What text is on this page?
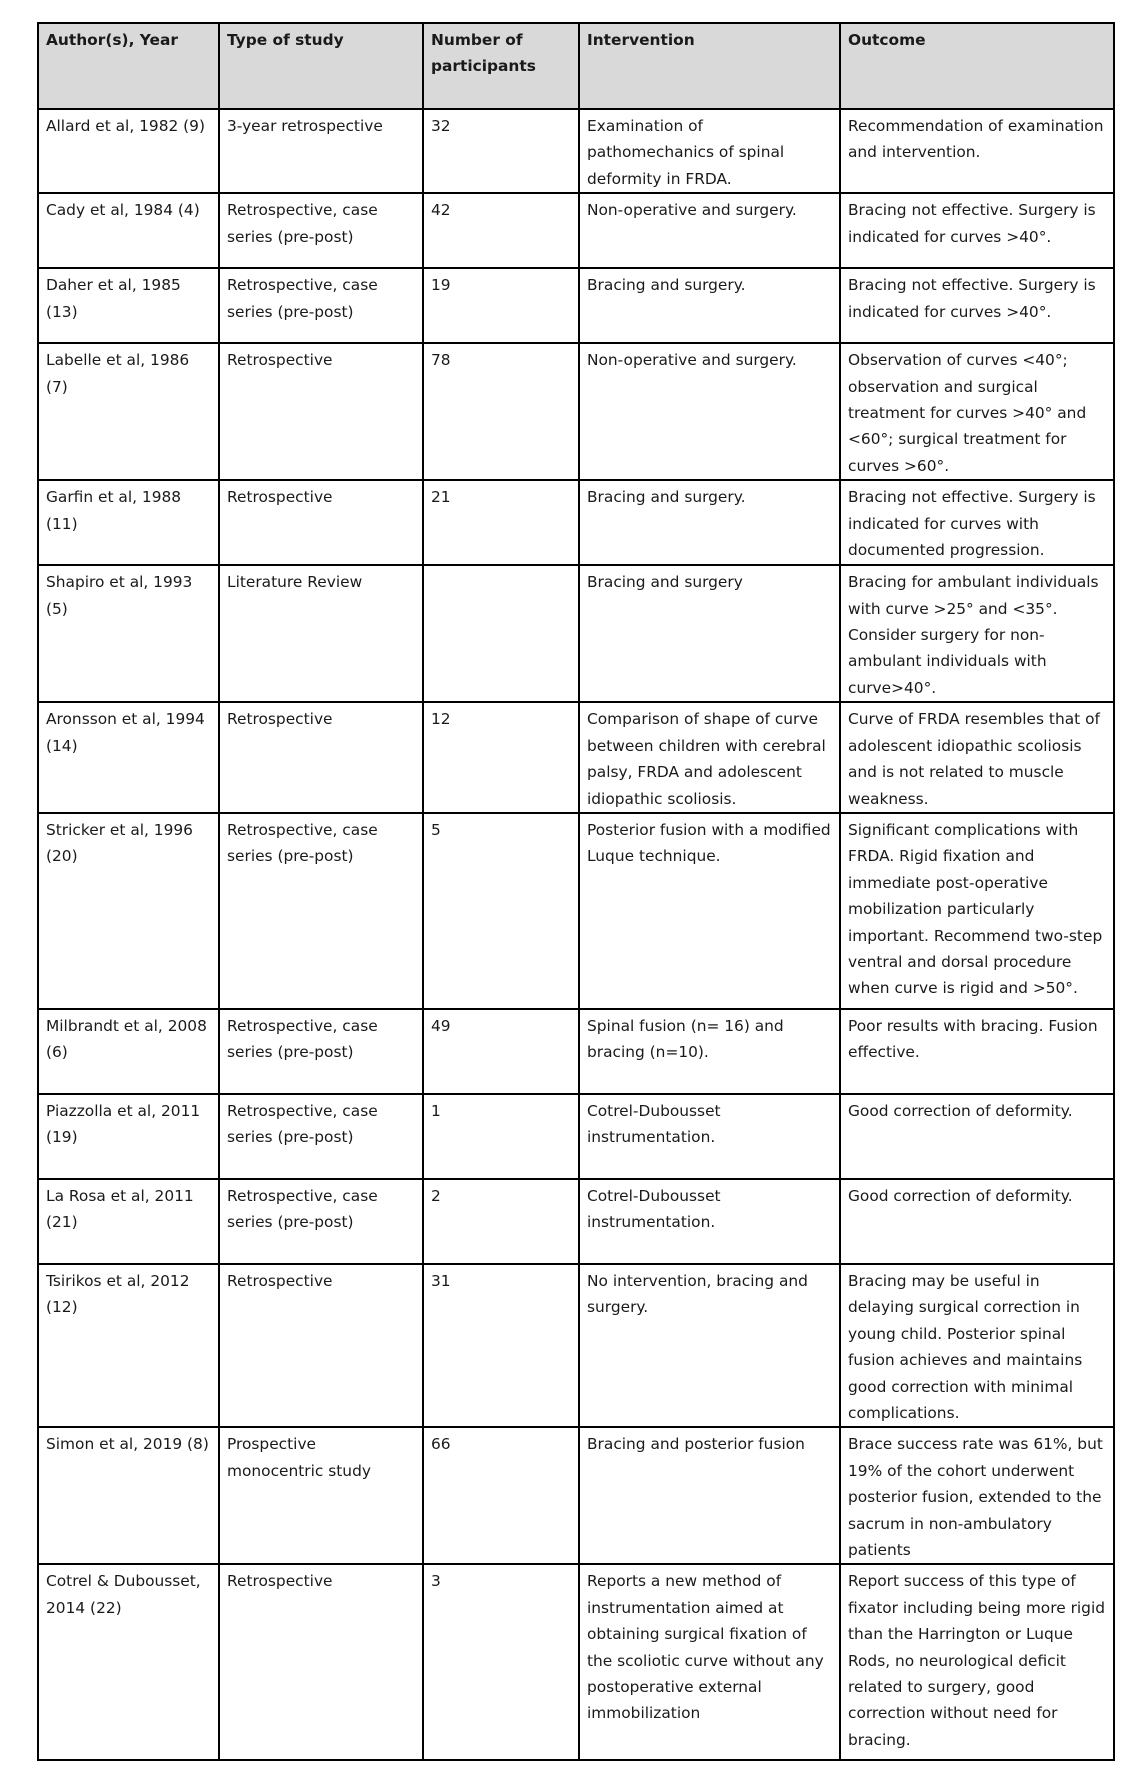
Author(s), Year	Type of study	Number of participants	Intervention	Outcome
Allard et al, 1982 (9)	3-year retrospective	32	Examination of pathomechanics of spinal deformity in FRDA.	Recommendation of examination and intervention.
Cady et al, 1984 (4)	Retrospective, case series (pre-post)	42	Non-operative and surgery.	Bracing not effective. Surgery is indicated for curves >40°.
Daher et al, 1985 (13)	Retrospective, case series (pre-post)	19	Bracing and surgery.	Bracing not effective. Surgery is indicated for curves >40°.
Labelle et al, 1986 (7)	Retrospective	78	Non-operative and surgery.	Observation of curves <40°; observation and surgical treatment for curves >40° and <60°; surgical treatment for curves >60°.
Garfin et al, 1988 (11)	Retrospective	21	Bracing and surgery.	Bracing not effective. Surgery is indicated for curves with documented progression.
Shapiro et al, 1993 (5)	Literature Review		Bracing and surgery	Bracing for ambulant individuals with curve >25° and <35°. Consider surgery for non-ambulant individuals with curve>40°.
Aronsson et al, 1994 (14)	Retrospective	12	Comparison of shape of curve between children with cerebral palsy, FRDA and adolescent idiopathic scoliosis.	Curve of FRDA resembles that of adolescent idiopathic scoliosis and is not related to muscle weakness.
Stricker et al, 1996 (20)	Retrospective, case series (pre-post)	5	Posterior fusion with a modified Luque technique.	Significant complications with FRDA. Rigid fixation and immediate post-operative mobilization particularly important. Recommend two-step ventral and dorsal procedure when curve is rigid and >50°.
Milbrandt et al, 2008 (6)	Retrospective, case series (pre-post)	49	Spinal fusion (n= 16) and bracing (n=10).	Poor results with bracing. Fusion effective.
Piazzolla et al, 2011 (19)	Retrospective, case series (pre-post)	1	Cotrel-Dubousset instrumentation.	Good correction of deformity.
La Rosa et al, 2011 (21)	Retrospective, case series (pre-post)	2	Cotrel-Dubousset instrumentation.	Good correction of deformity.
Tsirikos et al, 2012 (12)	Retrospective	31	No intervention, bracing and surgery.	Bracing may be useful in delaying surgical correction in young child. Posterior spinal fusion achieves and maintains good correction with minimal complications.
Simon et al, 2019 (8)	Prospective monocentric study	66	Bracing and posterior fusion	Brace success rate was 61%, but 19% of the cohort underwent posterior fusion, extended to the sacrum in non-ambulatory patients
Cotrel & Dubousset, 2014 (22)	Retrospective	3	Reports a new method of instrumentation aimed at obtaining surgical fixation of the scoliotic curve without any postoperative external immobilization	Report success of this type of fixator including being more rigid than the Harrington or Luque Rods, no neurological deficit related to surgery, good correction without need for bracing.
